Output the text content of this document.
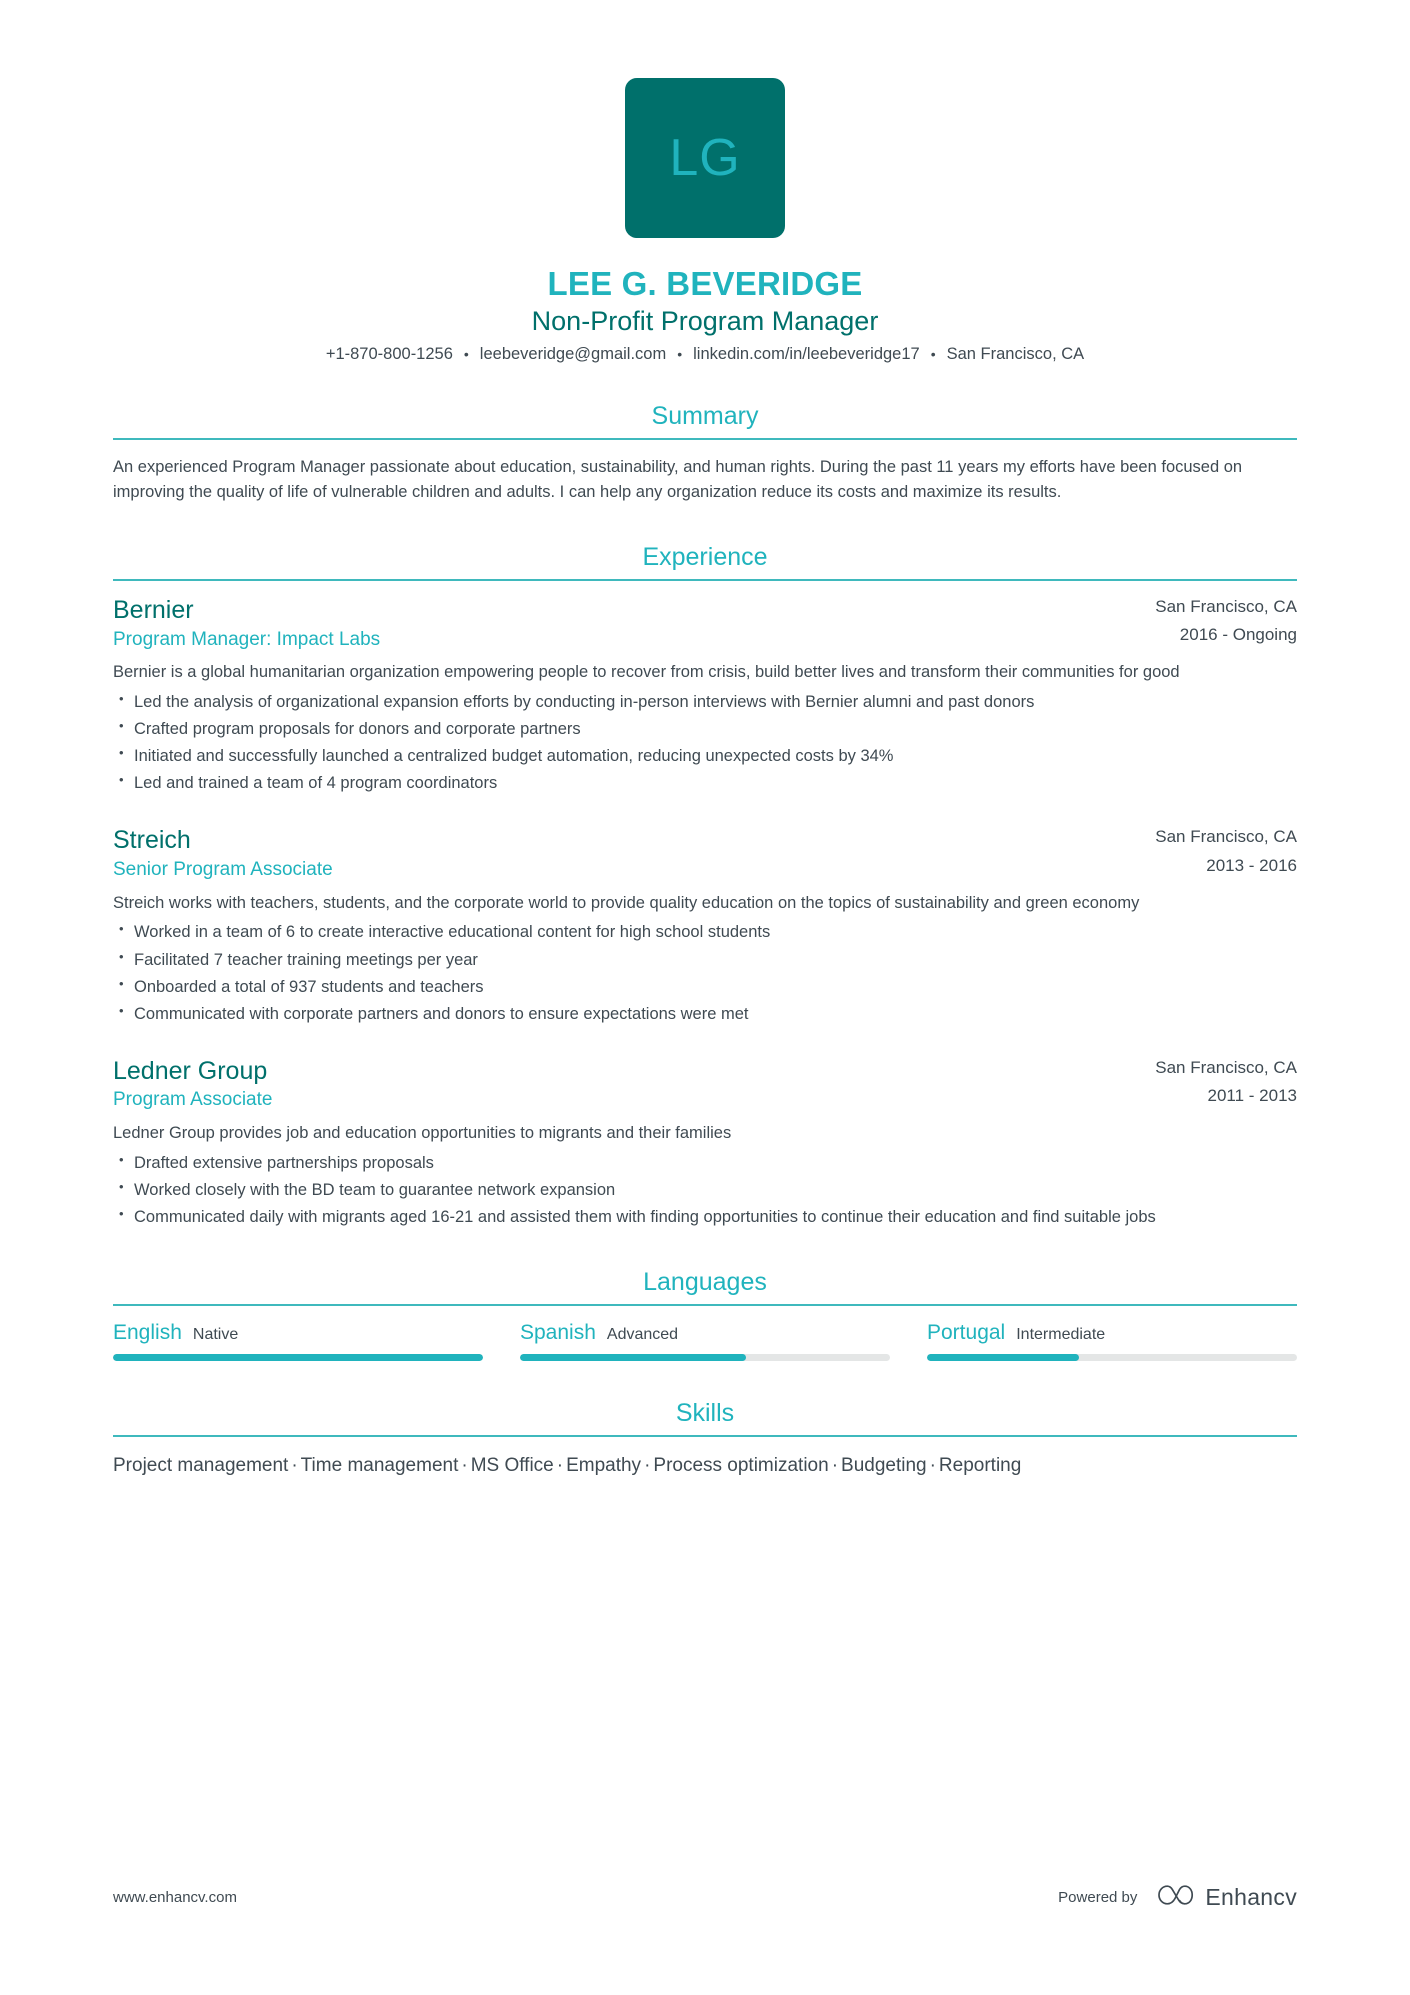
LG
LEE G. BEVERIDGE
Non-Profit Program Manager
+1-870-800-1256 • leebeveridge@gmail.com • linkedin.com/in/leebeveridge17 • San Francisco, CA
Summary

An experienced Program Manager passionate about education, sustainability, and human rights. During the past 11 years my efforts have been focused on improving the quality of life of vulnerable children and adults. I can help any organization reduce its costs and maximize its results.

Experience
Bernier
Program Manager: Impact Labs
San Francisco, CA
2016 - Ongoing

Bernier is a global humanitarian organization empowering people to recover from crisis, build better lives and transform their communities for good

• Led the analysis of organizational expansion efforts by conducting in-person interviews with Bernier alumni and past donors
• Crafted program proposals for donors and corporate partners
• Initiated and successfully launched a centralized budget automation, reducing unexpected costs by 34%
• Led and trained a team of 4 program coordinators
Streich
Senior Program Associate
San Francisco, CA
2013 - 2016

Streich works with teachers, students, and the corporate world to provide quality education on the topics of sustainability and green economy

• Worked in a team of 6 to create interactive educational content for high school students
• Facilitated 7 teacher training meetings per year
• Onboarded a total of 937 students and teachers
• Communicated with corporate partners and donors to ensure expectations were met
Ledner Group
Program Associate
San Francisco, CA
2011 - 2013

Ledner Group provides job and education opportunities to migrants and their families

• Drafted extensive partnerships proposals
• Worked closely with the BD team to guarantee network expansion
• Communicated daily with migrants aged 16-21 and assisted them with finding opportunities to continue their education and find suitable jobs
Languages
English Native	Spanish Advanced	Portugal Intermediate
Skills

Project management · Time management · MS Office · Empathy · Process optimization · Budgeting · Reporting

www.enhancv.com	Powered by	Enhancv
